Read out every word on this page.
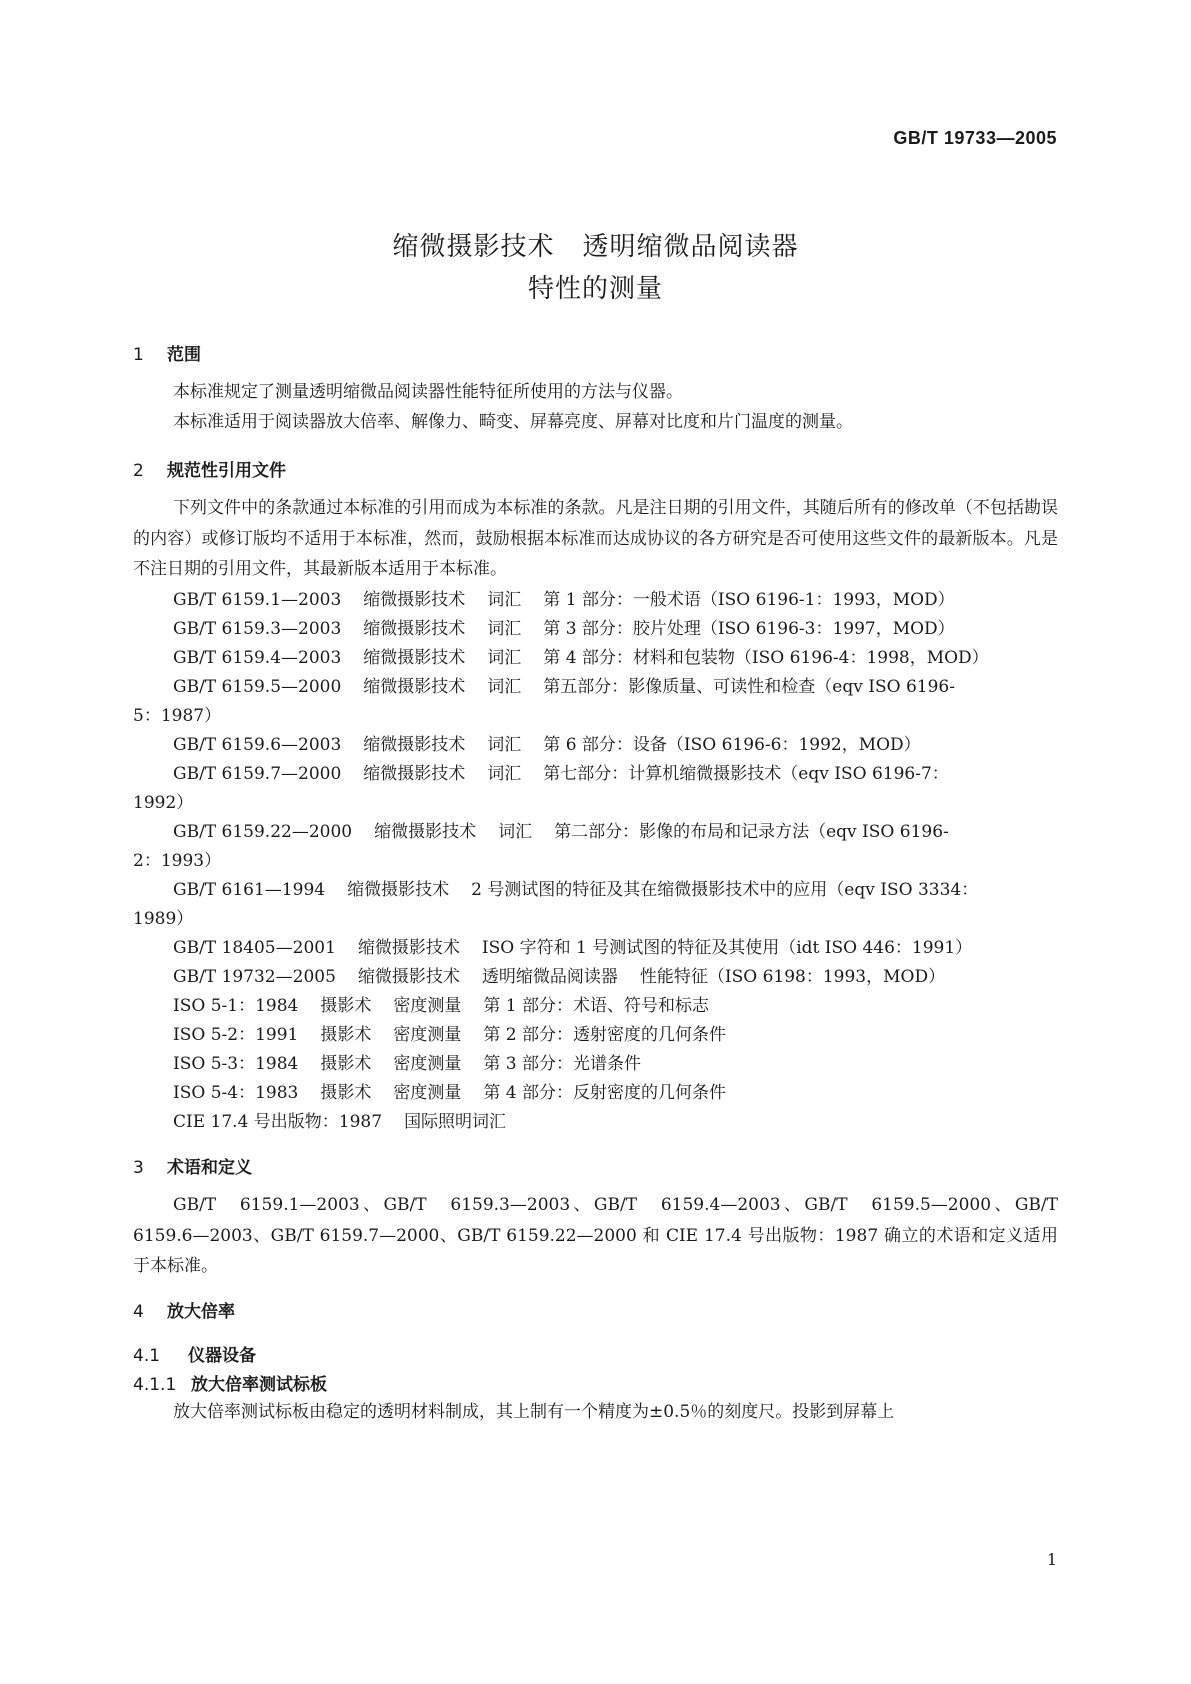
GB/T 19733—2005
缩微摄影技术 透明缩微品阅读器
特性的测量
1 范围
本标准规定了测量透明缩微品阅读器性能特征所使用的方法与仪器。
本标准适用于阅读器放大倍率、解像力、畸变、屏幕亮度、屏幕对比度和片门温度的测量。
2 规范性引用文件
下列文件中的条款通过本标准的引用而成为本标准的条款。凡是注日期的引用文件，其随后所有的修改单（不包括勘误的内容）或修订版均不适用于本标准，然而，鼓励根据本标准而达成协议的各方研究是否可使用这些文件的最新版本。凡是不注日期的引用文件，其最新版本适用于本标准。
GB/T 6159.1—2003 缩微摄影技术 词汇 第 1 部分：一般术语（ISO 6196-1：1993，MOD）
GB/T 6159.3—2003 缩微摄影技术 词汇 第 3 部分：胶片处理（ISO 6196-3：1997，MOD）
GB/T 6159.4—2003 缩微摄影技术 词汇 第 4 部分：材料和包装物（ISO 6196-4：1998，MOD）
GB/T 6159.5—2000 缩微摄影技术 词汇 第五部分：影像质量、可读性和检查（eqv ISO 6196-
5：1987）
GB/T 6159.6—2003 缩微摄影技术 词汇 第 6 部分：设备（ISO 6196-6：1992，MOD）
GB/T 6159.7—2000 缩微摄影技术 词汇 第七部分：计算机缩微摄影技术（eqv ISO 6196-7：
1992）
GB/T 6159.22—2000 缩微摄影技术 词汇 第二部分：影像的布局和记录方法（eqv ISO 6196-
2：1993）
GB/T 6161—1994 缩微摄影技术 2 号测试图的特征及其在缩微摄影技术中的应用（eqv ISO 3334：
1989）
GB/T 18405—2001 缩微摄影技术 ISO 字符和 1 号测试图的特征及其使用（idt ISO 446：1991）
GB/T 19732—2005 缩微摄影技术 透明缩微品阅读器 性能特征（ISO 6198：1993，MOD）
ISO 5-1：1984 摄影术 密度测量 第 1 部分：术语、符号和标志
ISO 5-2：1991 摄影术 密度测量 第 2 部分：透射密度的几何条件
ISO 5-3：1984 摄影术 密度测量 第 3 部分：光谱条件
ISO 5-4：1983 摄影术 密度测量 第 4 部分：反射密度的几何条件
CIE 17.4 号出版物：1987 国际照明词汇
3 术语和定义
GB/T　6159.1—2003、GB/T　6159.3—2003、GB/T　6159.4—2003、GB/T　6159.5—2000、GB/T 6159.6—2003、GB/T 6159.7—2000、GB/T 6159.22—2000 和 CIE 17.4 号出版物：1987 确立的术语和定义适用于本标准。
4 放大倍率
4.1 仪器设备
4.1.1 放大倍率测试标板
放大倍率测试标板由稳定的透明材料制成，其上制有一个精度为±0.5％的刻度尺。投影到屏幕上
1
